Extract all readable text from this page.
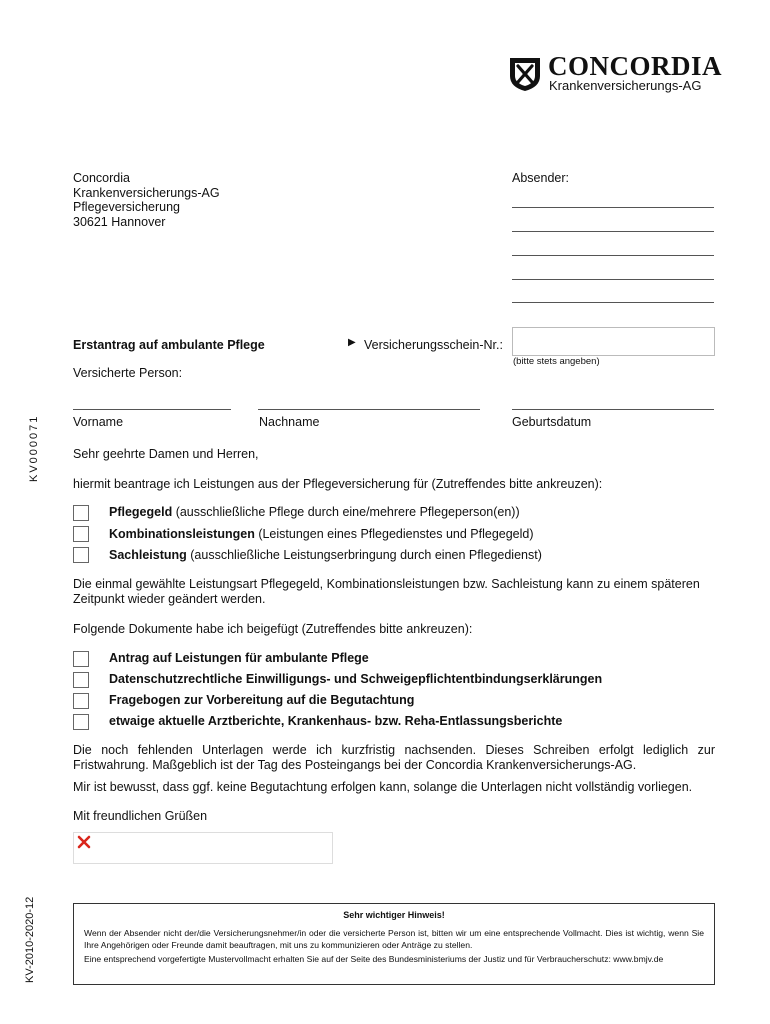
CONCORDIA
Krankenversicherungs-AG
Concordia
Krankenversicherungs-AG
Pflegeversicherung
30621 Hannover
Absender:
Erstantrag auf ambulante Pflege	▶ Versicherungsschein-Nr.:
(bitte stets angeben)
Versicherte Person:
Vorname	Nachname	Geburtsdatum
Sehr geehrte Damen und Herren,
hiermit beantrage ich Leistungen aus der Pflegeversicherung für (Zutreffendes bitte ankreuzen):
Pflegegeld (ausschließliche Pflege durch eine/mehrere Pflegeperson(en))
Kombinationsleistungen (Leistungen eines Pflegedienstes und Pflegegeld)
Sachleistung (ausschließliche Leistungserbringung durch einen Pflegedienst)
Die einmal gewählte Leistungsart Pflegegeld, Kombinationsleistungen bzw. Sachleistung kann zu einem späteren Zeitpunkt wieder geändert werden.
Folgende Dokumente habe ich beigefügt (Zutreffendes bitte ankreuzen):
Antrag auf Leistungen für ambulante Pflege
Datenschutzrechtliche Einwilligungs- und Schweigepflichtentbindungserklärungen
Fragebogen zur Vorbereitung auf die Begutachtung
etwaige aktuelle Arztberichte, Krankenhaus- bzw. Reha-Entlassungsberichte
Die noch fehlenden Unterlagen werde ich kurzfristig nachsenden. Dieses Schreiben erfolgt lediglich zur Fristwahrung. Maßgeblich ist der Tag des Posteingangs bei der Concordia Krankenversicherungs-AG.
Mir ist bewusst, dass ggf. keine Begutachtung erfolgen kann, solange die Unterlagen nicht vollständig vorliegen.
Mit freundlichen Grüßen
Sehr wichtiger Hinweis!
Wenn der Absender nicht der/die Versicherungsnehmer/in oder die versicherte Person ist, bitten wir um eine entsprechende Vollmacht. Dies ist wichtig, wenn Sie Ihre Angehörigen oder Freunde damit beauftragen, mit uns zu kommunizieren oder Anträge zu stellen.
Eine entsprechend vorgefertigte Mustervollmacht erhalten Sie auf der Seite des Bundesministeriums der Justiz und für Verbraucherschutz: www.bmjv.de
KV000071
KV-2010-2020-12
